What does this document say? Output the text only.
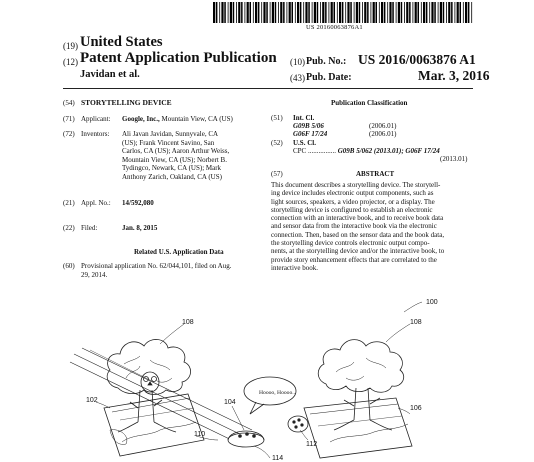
US 20160063876A1
(19) United States
(12) Patent Application Publication
Javidan et al.
(10) Pub. No.: US 2016/0063876 A1
(43) Pub. Date:	Mar. 3, 2016
(54) STORYTELLING DEVICE
(71) Applicant: Google, Inc., Mountain View, CA (US)
(72) Inventors: Ali Javan Javidan, Sunnyvale, CA
(US); Frank Vincent Savino, San
Carlos, CA (US); Aaron Arthur Weiss,
Mountain View, CA (US); Norbert B.
Tydingco, Newark, CA (US); Mark
Anthony Zarich, Oakland, CA (US)
(21) Appl. No.: 14/592,080
(22) Filed:	Jan. 8, 2015
Related U.S. Application Data
(60) Provisional application No. 62/044,101, filed on Aug.
29, 2014.
Publication Classification
(51) Int. Cl.
G09B 5/06	(2006.01)
G06F 17/24	(2006.01)
(52) U.S. Cl.
CPC ................ G09B 5/062 (2013.01); G06F 17/24
(2013.01)
(57)	ABSTRACT
This document describes a storytelling device. The storytell-
ing device includes electronic output components, such as
light sources, speakers, a video projector, or a display. The
storytelling device is configured to establish an electronic
connection with an interactive book, and to receive book data
and sensor data from the interactive book via the electronic
connection. Then, based on the sensor data and the book data,
the storytelling device controls electronic output compo-
nents, at the storytelling device and/or the interactive book, to
provide story enhancement effects that are correlated to the
interactive book.
100
108	108
102	104
106
110
112
114
Hoooo, Hoooo...
